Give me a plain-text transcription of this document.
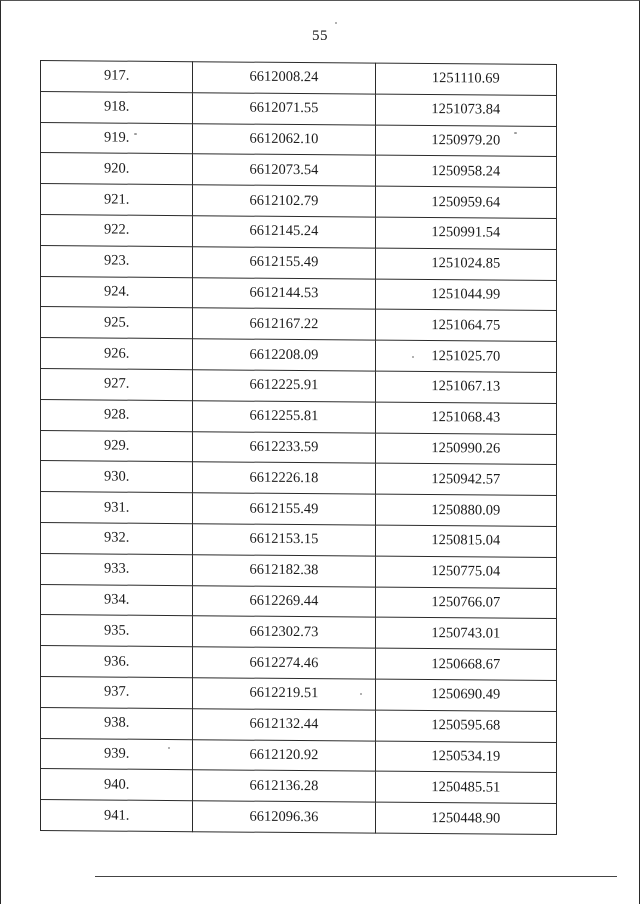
55
917.	6612008.24	1251110.69
918.	6612071.55	1251073.84
919.	6612062.10	1250979.20
920.	6612073.54	1250958.24
921.	6612102.79	1250959.64
922.	6612145.24	1250991.54
923.	6612155.49	1251024.85
924.	6612144.53	1251044.99
925.	6612167.22	1251064.75
926.	6612208.09	1251025.70
927.	6612225.91	1251067.13
928.	6612255.81	1251068.43
929.	6612233.59	1250990.26
930.	6612226.18	1250942.57
931.	6612155.49	1250880.09
932.	6612153.15	1250815.04
933.	6612182.38	1250775.04
934.	6612269.44	1250766.07
935.	6612302.73	1250743.01
936.	6612274.46	1250668.67
937.	6612219.51	1250690.49
938.	6612132.44	1250595.68
939.	6612120.92	1250534.19
940.	6612136.28	1250485.51
941.	6612096.36	1250448.90
